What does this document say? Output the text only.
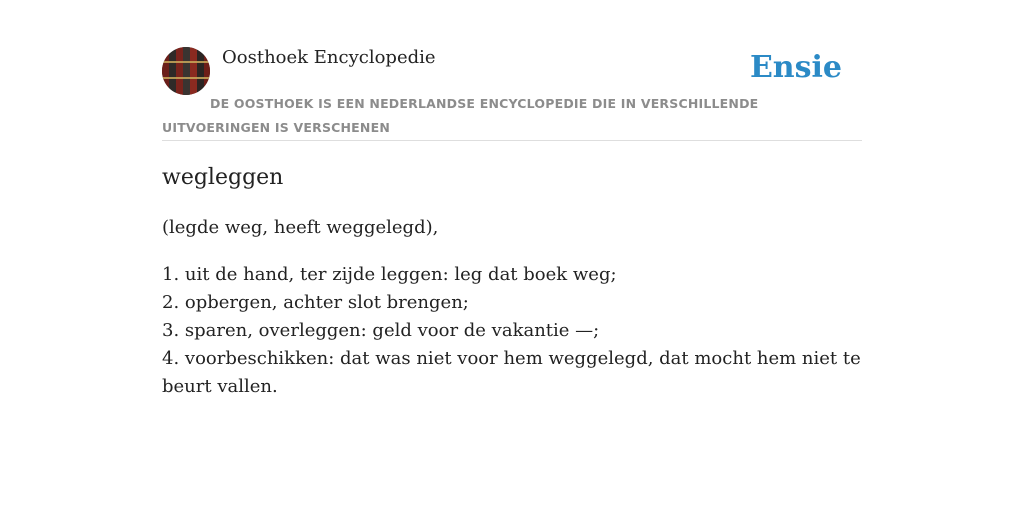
Oosthoek Encyclopedie	Ensie
DE OOSTHOEK IS EEN NEDERLANDSE ENCYCLOPEDIE DIE IN VERSCHILLENDE UITVOERINGEN IS VERSCHENEN
wegleggen
(legde weg, heeft weggelegd),
1. uit de hand, ter zijde leggen: leg dat boek weg;
2. opbergen, achter slot brengen;
3. sparen, overleggen: geld voor de vakantie —;
4. voorbeschikken: dat was niet voor hem weggelegd, dat mocht hem niet te beurt vallen.
